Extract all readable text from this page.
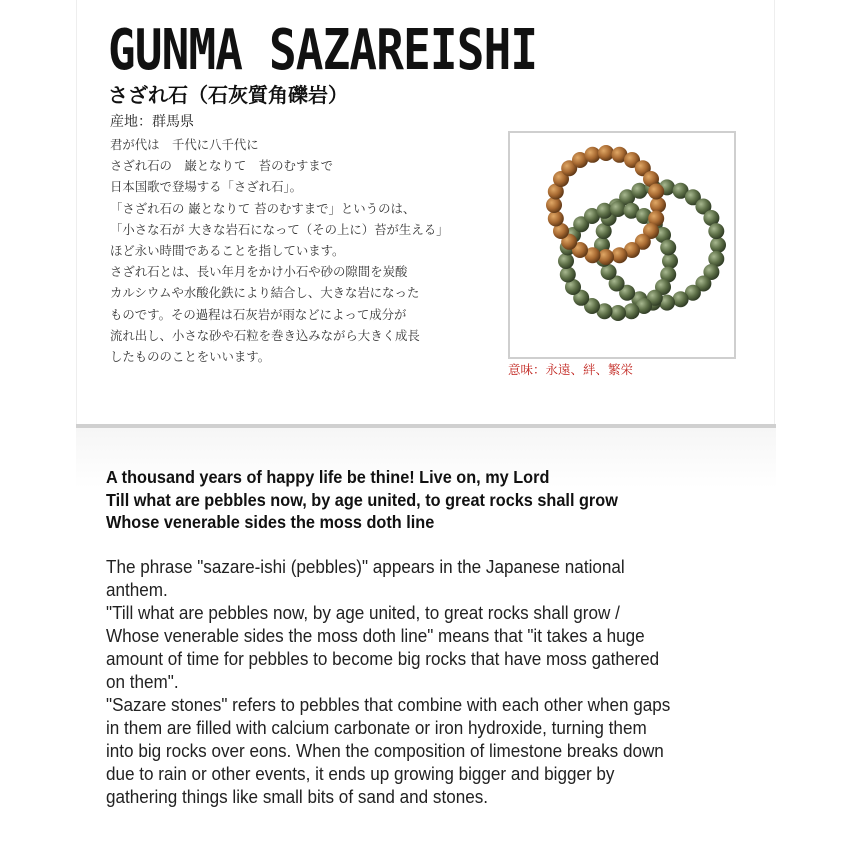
GUNMA SAZAREISHI
さざれ石（石灰質角礫岩）
産地：群馬県
君が代は　千代に八千代に
さざれ石の　巌となりて　苔のむすまで
日本国歌で登場する「さざれ石」。
「さざれ石の 巌となりて 苔のむすまで」というのは、
「小さな石が 大きな岩石になって（その上に）苔が生える」
ほど永い時間であることを指しています。
さざれ石とは、長い年月をかけ小石や砂の隙間を炭酸
カルシウムや水酸化鉄により結合し、大きな岩になった
ものです。その過程は石灰岩が雨などによって成分が
流れ出し、小さな砂や石粒を巻き込みながら大きく成長
したもののことをいいます。
意味：永遠、絆、繁栄
A thousand years of happy life be thine! Live on, my Lord
Till what are pebbles now, by age united, to great rocks shall grow
Whose venerable sides the moss doth line
The phrase "sazare-ishi (pebbles)" appears in the Japanese national
anthem.
"Till what are pebbles now, by age united, to great rocks shall grow /
Whose venerable sides the moss doth line" means that "it takes a huge
amount of time for pebbles to become big rocks that have moss gathered
on them".
"Sazare stones" refers to pebbles that combine with each other when gaps
in them are filled with calcium carbonate or iron hydroxide, turning them
into big rocks over eons. When the composition of limestone breaks down
due to rain or other events, it ends up growing bigger and bigger by
gathering things like small bits of sand and stones.
